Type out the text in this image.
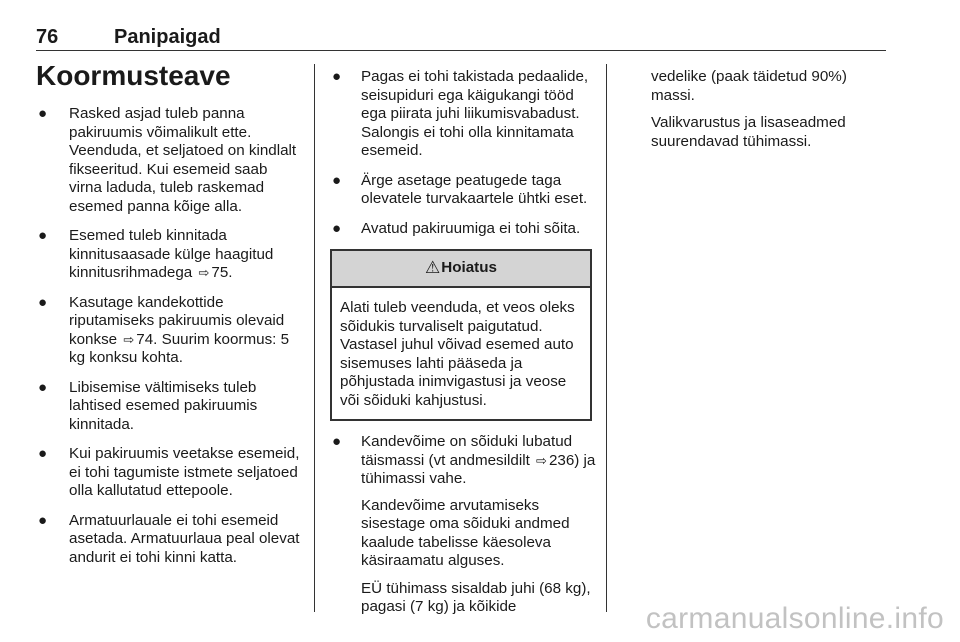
76	Panipaigad
Koormusteave
● Rasked asjad tuleb panna pakiruumis võimalikult ette. Veenduda, et seljatoed on kindlalt fikseeritud. Kui esemeid saab virna laduda, tuleb raskemad esemed panna kõige alla.
● Esemed tuleb kinnitada kinnitusaasade külge haagitud kinnitusrihmadega ⇨ 75.
● Kasutage kandekottide riputamiseks pakiruumis olevaid konkse ⇨ 74. Suurim koormus: 5 kg konksu kohta.
● Libisemise vältimiseks tuleb lahtised esemed pakiruumis kinnitada.
● Kui pakiruumis veetakse esemeid, ei tohi tagumiste istmete seljatoed olla kallutatud ettepoole.
● Armatuurlauale ei tohi esemeid asetada. Armatuurlaua peal olevat andurit ei tohi kinni katta.
● Pagas ei tohi takistada pedaalide, seisupiduri ega käigukangi tööd ega piirata juhi liikumisvabadust. Salongis ei tohi olla kinnitamata esemeid.
● Ärge asetage peatugede taga olevatele turvakaartele ühtki eset.
● Avatud pakiruumiga ei tohi sõita.
⚠ Hoiatus
Alati tuleb veenduda, et veos oleks sõidukis turvaliselt paigutatud. Vastasel juhul võivad esemed auto sisemuses lahti pääseda ja põhjustada inimvigastusi ja veose või sõiduki kahjustusi.
● Kandevõime on sõiduki lubatud täismassi (vt andmesildilt ⇨ 236) ja tühimassi vahe.

Kandevõime arvutamiseks sisestage oma sõiduki andmed kaalude tabelisse käesoleva käsiraamatu alguses.

EÜ tühimass sisaldab juhi (68 kg), pagasi (7 kg) ja kõikide

vedelike (paak täidetud 90%) massi.

Valikvarustus ja lisaseadmed suurendavad tühimassi.

carmanualsonline.info
